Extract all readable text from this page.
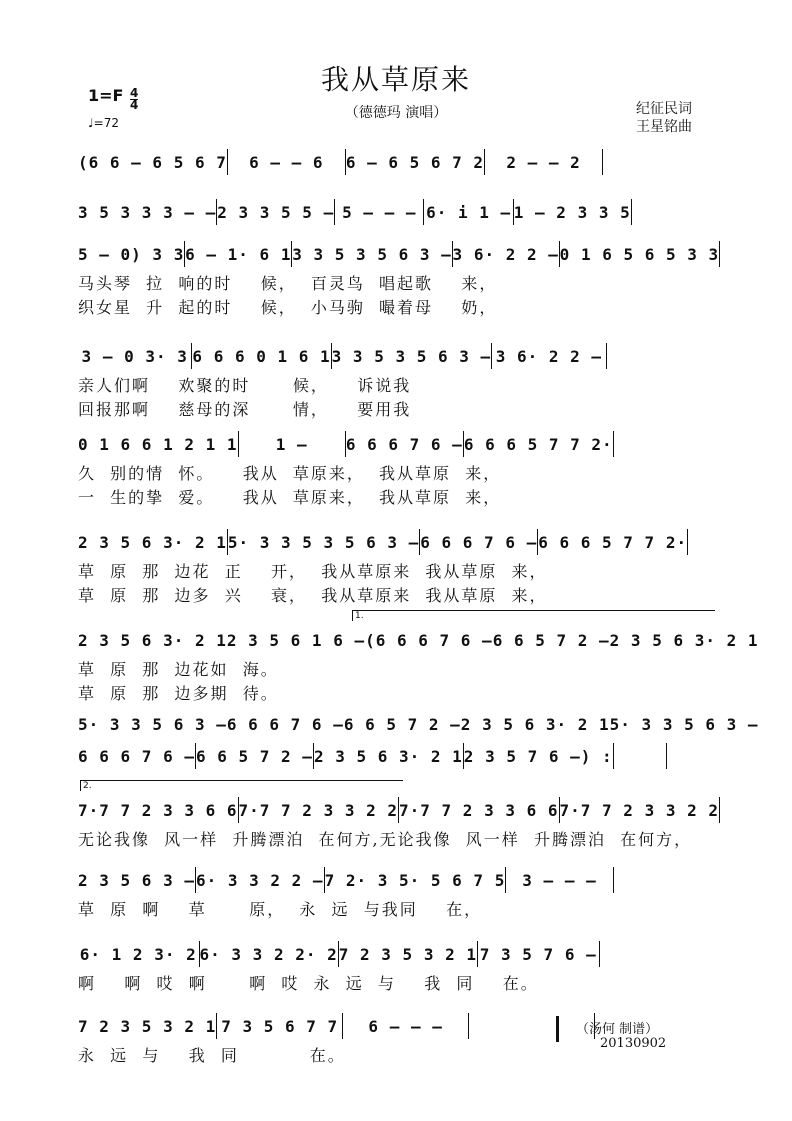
我从草原来
（德德玛 演唱）
1=F 4
4
♩=72
纪征民词
王星铭曲
(6 6 – 6 5 6 7	6 – – 6	6 – 6 5 6 7 2	2 – – 2
3 5 3 3 3 – – 2 3 3 5 5 – 5 – – – 6· i 1 – 1 – 2 3 3 5
5 – 0) 3 3 6 – 1· 6 1 3 3 5 3 5 6 3 – 3 6· 2 2 – 0 1 6 5 6 5 3 3
马头琴  拉  响的时    候，  百灵鸟  唱起歌    来，
织女星  升  起的时    候，  小马驹  嘬着母    奶，
3 – 0 3· 3 6 6 6 0 1 6 1 3 3 5 3 5 6 3 – 3 6· 2 2 –
亲人们啊    欢聚的时      候，    诉说我
回报那啊    慈母的深      情，    要用我
0 1 6 6 1 2 1 1	1 –	6 6 6 7 6 – 6 6 6 5 7 7 2·
久  别的情  怀。    我从  草原来，  我从草原  来，
一  生的挚  爱。    我从  草原来，  我从草原  来，
2 3 5 6 3· 2 1 5· 3 3 5 3 5 6 3 – 6 6 6 7 6 – 6 6 6 5 7 7 2·
草  原  那  边花  正    开，  我从草原来  我从草原  来，
草  原  那  边多  兴    衰，  我从草原来  我从草原  来，
1.
2 3 5 6 3· 2 1 2 3 5 6 1 6 – (6 6 6 7 6 – 6 6 5 7 2 – 2 3 5 6 3· 2 1
草  原  那  边花如  海。
草  原  那  边多期  待。
5· 3 3 5 6 3 – 6 6 6 7 6 – 6 6 5 7 2 – 2 3 5 6 3· 2 1 5· 3 3 5 6 3 –
6 6 6 7 6 – 6 6 5 7 2 – 2 3 5 6 3· 2 1 2 3 5 7 6 –) :
2.
7·7 7 2 3 3 6 6 7·7 7 2 3 3 2 2 7·7 7 2 3 3 6 6 7·7 7 2 3 3 2 2
无论我像  风一样  升腾漂泊  在何方,无论我像  风一样  升腾漂泊  在何方，
2 3 5 6 3 – 6· 3 3 2 2 – 7 2· 3 5· 5 6 7 5	3 – – –
草  原  啊    草      原，  永  远  与我同    在，
6· 1 2 3· 2 6· 3 3 2 2· 2 7 2 3 5 3 2 1 7 3 5 7 6 –
啊    啊  哎  啊      啊  哎  永  远  与    我  同    在。
7 2 3 5 3 2 1 7 3 5 6 7 7	6 – – –
永  远  与    我  同          在。
（汤何 制谱）
20130902
